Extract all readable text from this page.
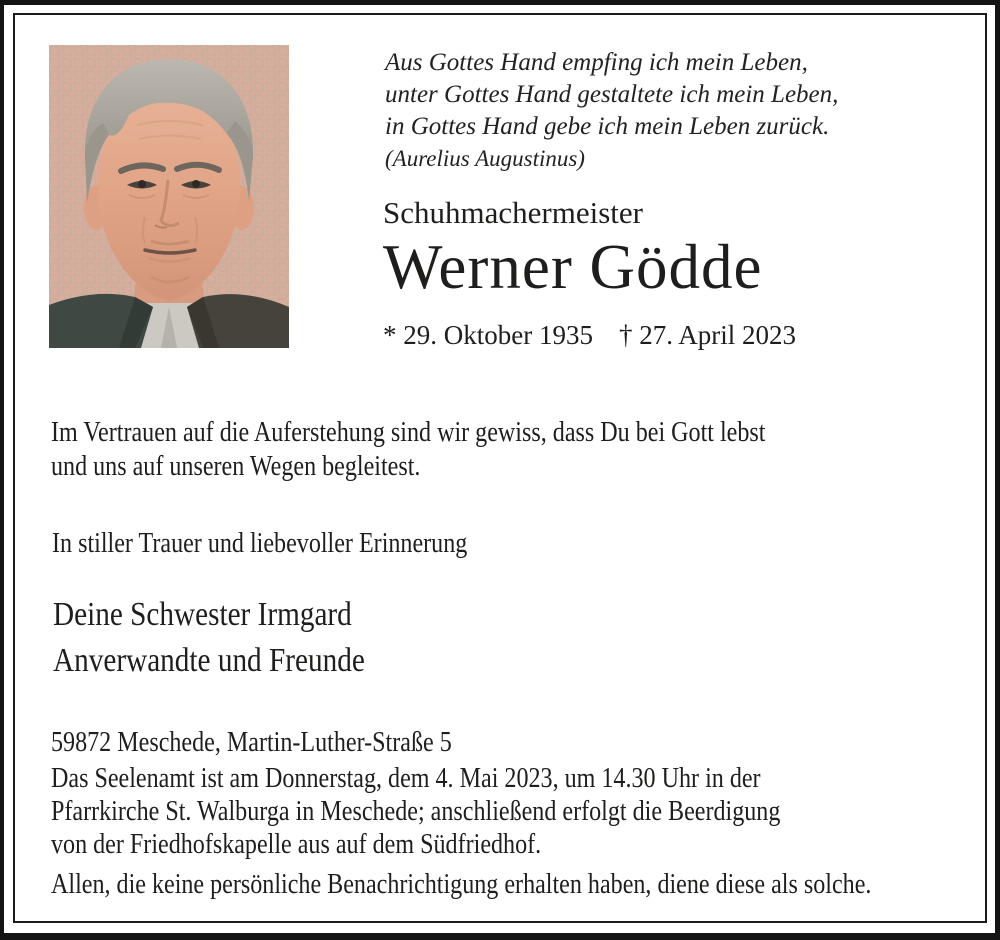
Aus Gottes Hand empfing ich mein Leben,
unter Gottes Hand gestaltete ich mein Leben,
in Gottes Hand gebe ich mein Leben zurück.
(Aurelius Augustinus)
Schuhmachermeister
Werner Gödde
* 29. Oktober 1935 † 27. April 2023
Im Vertrauen auf die Auferstehung sind wir gewiss, dass Du bei Gott lebst
und uns auf unseren Wegen begleitest.
In stiller Trauer und liebevoller Erinnerung
Deine Schwester Irmgard
Anverwandte und Freunde
59872 Meschede, Martin-Luther-Straße 5
Das Seelenamt ist am Donnerstag, dem 4. Mai 2023, um 14.30 Uhr in der
Pfarrkirche St. Walburga in Meschede; anschließend erfolgt die Beerdigung
von der Friedhofskapelle aus auf dem Südfriedhof.
Allen, die keine persönliche Benachrichtigung erhalten haben, diene diese als solche.
